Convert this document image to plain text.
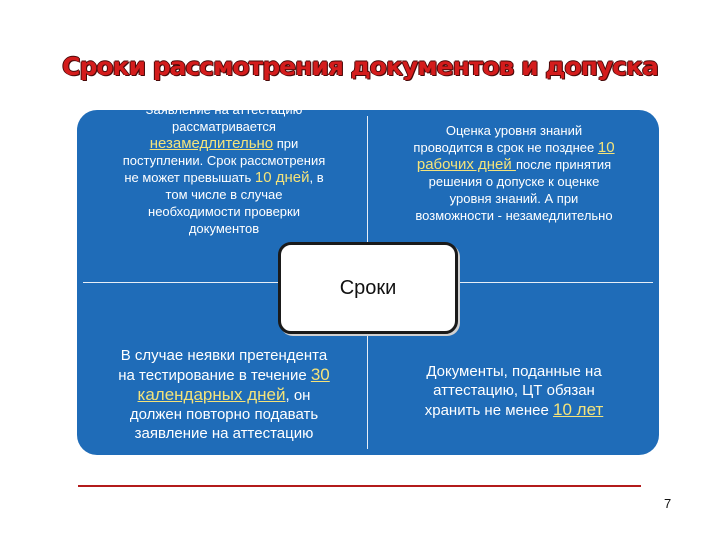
Сроки рассмотрения документов и допуска
Заявление на аттестацию
рассматривается
незамедлительно при
поступлении. Срок рассмотрения
не может превышать 10 дней, в
том числе в случае
необходимости проверки
документов
Оценка уровня знаний
проводится в срок не позднее 10
рабочих дней после принятия
решения о допуске к оценке
уровня знаний. А при
возможности - незамедлительно
В случае неявки претендента
на тестирование в течение 30
календарных дней, он
должен повторно подавать
заявление на аттестацию
Документы, поданные на
аттестацию, ЦТ обязан
хранить не менее 10 лет
Сроки
7
